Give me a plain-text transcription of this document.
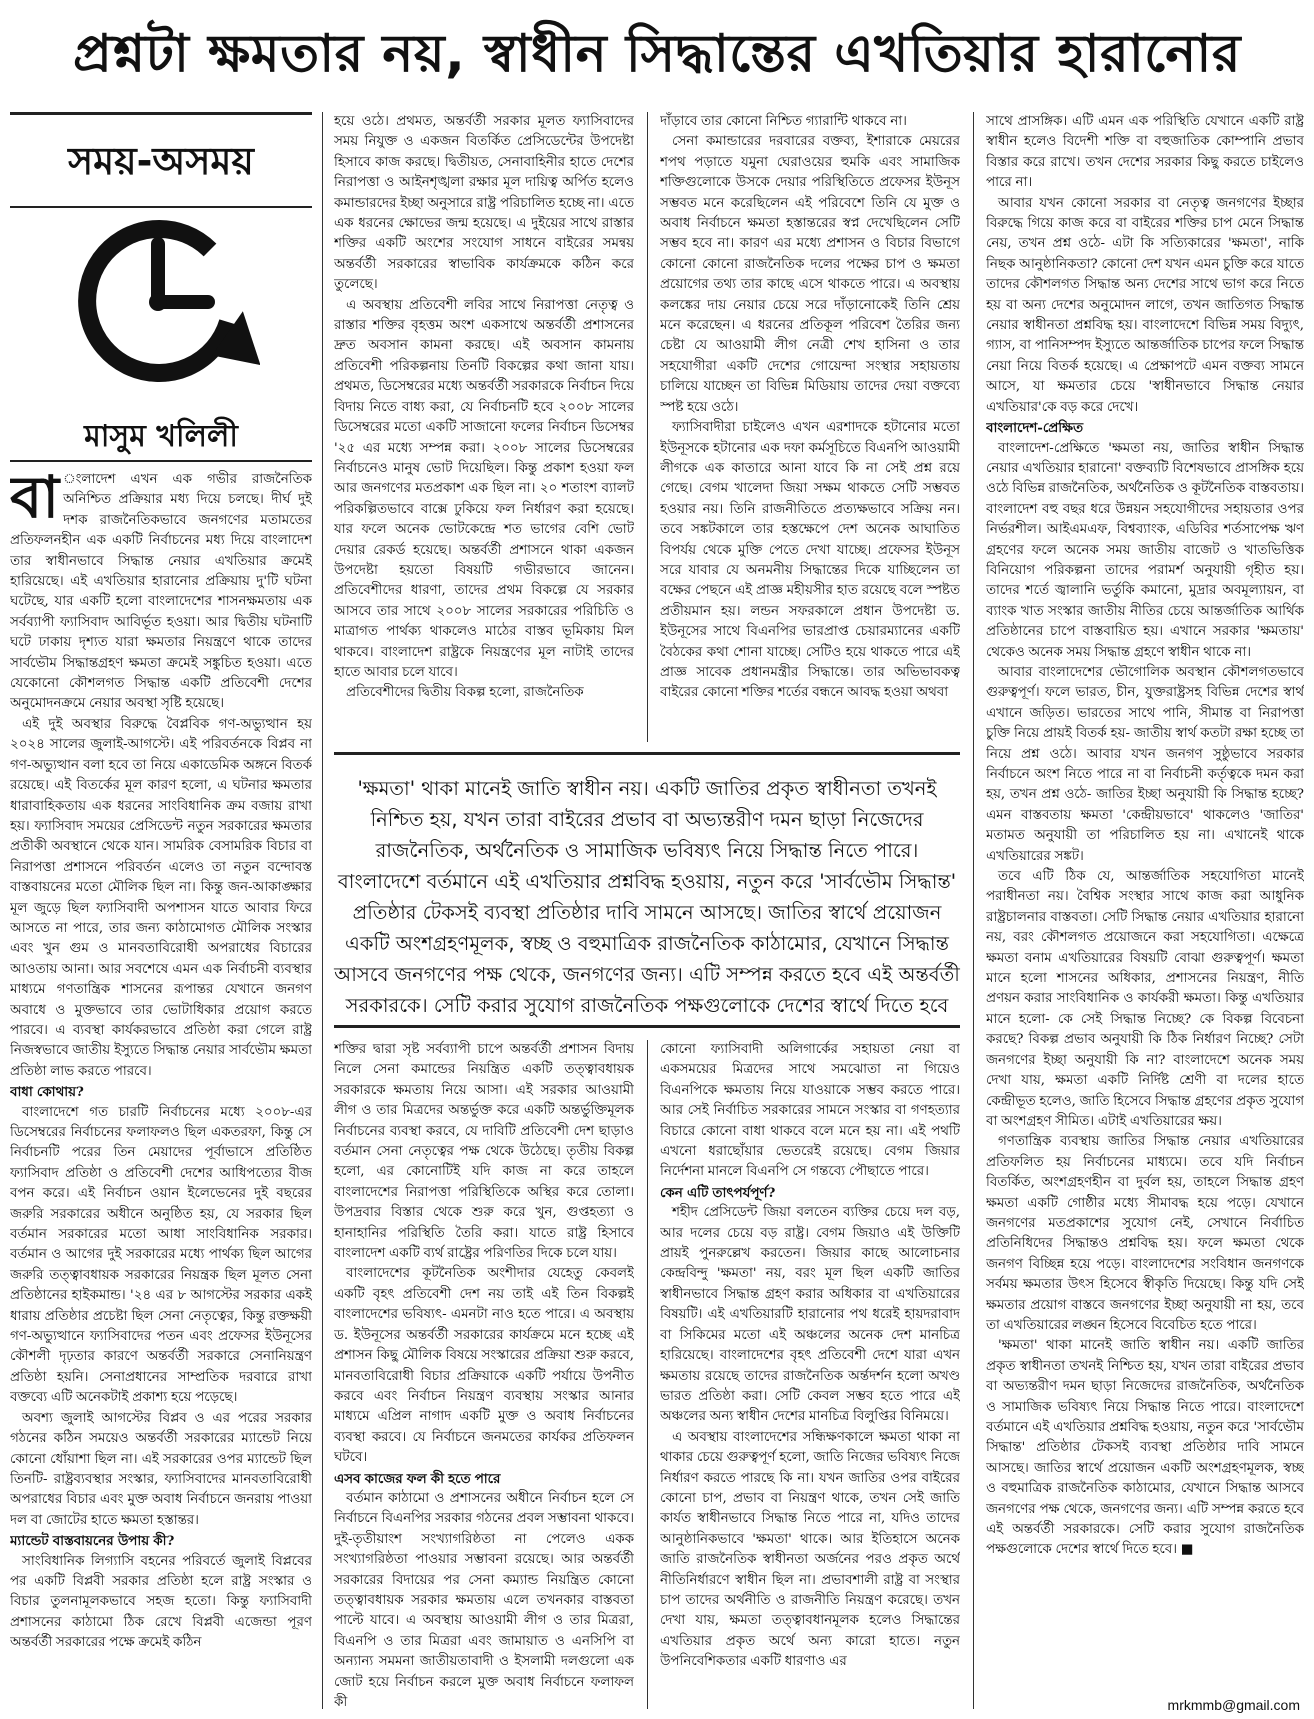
প্রশ্নটা ক্ষমতার নয়, স্বাধীন সিদ্ধান্তের এখতিয়ার হারানোর
সময়-অসময়
মাসুম খলিলী

বা ংলাদেশ এখন এক গভীর রাজনৈতিক অনিশ্চিত প্রক্রিয়ার মধ্য দিয়ে চলছে। দীর্ঘ দুই দশক রাজনৈতিকভাবে জনগণের মতামতের প্রতিফলনহীন এক একটি নির্বাচনের মধ্য দিয়ে বাংলাদেশ তার স্বাধীনভাবে সিদ্ধান্ত নেয়ার এখতিয়ার ক্রমেই হারিয়েছে। এই এখতিয়ার হারানোর প্রক্রিয়ায় দু'টি ঘটনা ঘটেছে, যার একটি হলো বাংলাদেশের শাসনক্ষমতায় এক সর্বব্যাপী ফ্যাসিবাদ আবির্ভূত হওয়া। আর দ্বিতীয় ঘটনাটি ঘটে ঢাকায় দৃশ্যত যারা ক্ষমতার নিয়ন্ত্রণে থাকে তাদের সার্বভৌম সিদ্ধান্তগ্রহণ ক্ষমতা ক্রমেই সঙ্কুচিত হওয়া। এতে যেকোনো কৌশলগত সিদ্ধান্ত একটি প্রতিবেশী দেশের অনুমোদনক্রমে নেয়ার অবস্থা সৃষ্টি হয়েছে।

এই দুই অবস্থার বিরুদ্ধে বৈপ্লবিক গণ-অভ্যুত্থান হয় ২০২৪ সালের জুলাই-আগস্টে। এই পরিবর্তনকে বিপ্লব না গণ-অভ্যুত্থান বলা হবে তা নিয়ে একাডেমিক অঙ্গনে বিতর্ক রয়েছে। এই বিতর্কের মূল কারণ হলো, এ ঘটনার ক্ষমতার ধারাবাহিকতায় এক ধরনের সাংবিধানিক ক্রম বজায় রাখা হয়। ফ্যাসিবাদ সময়ের প্রেসিডেন্ট নতুন সরকারের ক্ষমতার প্রতীকী অবস্থানে থেকে যান। সামরিক বেসামরিক বিচার বা নিরাপত্তা প্রশাসনে পরিবর্তন এলেও তা নতুন বন্দোবস্ত বাস্তবায়নের মতো মৌলিক ছিল না। কিন্তু জন-আকাঙ্ক্ষার মূল জুড়ে ছিল ফ্যাসিবাদী অপশাসন যাতে আবার ফিরে আসতে না পারে, তার জন্য কাঠামোগত মৌলিক সংস্কার এবং খুন গুম ও মানবতাবিরোধী অপরাধের বিচারের আওতায় আনা। আর সবশেষে এমন এক নির্বাচনী ব্যবস্থার মাধ্যমে গণতান্ত্রিক শাসনের রূপান্তর যেখানে জনগণ অবাধে ও মুক্তভাবে তার ভোটাধিকার প্রয়োগ করতে পারবে। এ ব্যবস্থা কার্যকরভাবে প্রতিষ্ঠা করা গেলে রাষ্ট্র নিজস্বভাবে জাতীয় ইস্যুতে সিদ্ধান্ত নেয়ার সার্বভৌম ক্ষমতা প্রতিষ্ঠা লাভ করতে পারবে।

বাধা কোথায়?

বাংলাদেশে গত চারটি নির্বাচনের মধ্যে ২০০৮-এর ডিসেম্বরের নির্বাচনের ফলাফলও ছিল একতরফা, কিন্তু সে নির্বাচনটি পরের তিন মেয়াদের পূর্বাভাসে প্রতিষ্ঠিত ফ্যাসিবাদ প্রতিষ্ঠা ও প্রতিবেশী দেশের আধিপত্যের বীজ বপন করে। এই নির্বাচন ওয়ান ইলেভেনের দুই বছরের জরুরি সরকারের অধীনে অনুষ্ঠিত হয়, যে সরকার ছিল বর্তমান সরকারের মতো আধা সাংবিধানিক সরকার। বর্তমান ও আগের দুই সরকারের মধ্যে পার্থক্য ছিল আগের জরুরি তত্ত্বাবধায়ক সরকারের নিয়ন্ত্রক ছিল মূলত সেনা প্রতিষ্ঠানের হাইকমান্ড। '২৪ এর ৮ আগস্টের সরকার একই ধারায় প্রতিষ্ঠার প্রচেষ্টা ছিল সেনা নেতৃত্বের, কিন্তু রক্তক্ষয়ী গণ-অভ্যুত্থানে ফ্যাসিবাদের পতন এবং প্রফেসর ইউনূসের কৌশলী দৃঢ়তার কারণে অন্তর্বর্তী সরকারে সেনানিয়ন্ত্রণ প্রতিষ্ঠা হয়নি। সেনাপ্রধানের সাম্প্রতিক দরবারে রাখা বক্তব্যে এটি অনেকটাই প্রকাশ্য হয়ে পড়েছে।

অবশ্য জুলাই আগস্টের বিপ্লব ও এর পরের সরকার গঠনের কঠিন সময়েও অন্তর্বর্তী সরকারের ম্যান্ডেট নিয়ে কোনো ধোঁয়াশা ছিল না। এই সরকারের ওপর ম্যান্ডেট ছিল তিনটি- রাষ্ট্রব্যবস্থার সংস্কার, ফ্যাসিবাদের মানবতাবিরোধী অপরাধের বিচার এবং মুক্ত অবাধ নির্বাচনে জনরায় পাওয়া দল বা জোটের হাতে ক্ষমতা হস্তান্তর।

ম্যান্ডেট বাস্তবায়নের উপায় কী?

সাংবিধানিক লিগ্যাসি বহনের পরিবর্তে জুলাই বিপ্লবের পর একটি বিপ্লবী সরকার প্রতিষ্ঠা হলে রাষ্ট্র সংস্কার ও বিচার তুলনামূলকভাবে সহজ হতো। কিন্তু ফ্যাসিবাদী প্রশাসনের কাঠামো ঠিক রেখে বিপ্লবী এজেন্ডা পূরণ অন্তর্বর্তী সরকারের পক্ষে ক্রমেই কঠিন

হয়ে ওঠে। প্রথমত, অন্তর্বর্তী সরকার মূলত ফ্যাসিবাদের সময় নিযুক্ত ও একজন বিতর্কিত প্রেসিডেন্টের উপদেষ্টা হিসাবে কাজ করছে। দ্বিতীয়ত, সেনাবাহিনীর হাতে দেশের নিরাপত্তা ও আইনশৃঙ্খলা রক্ষার মূল দায়িত্ব অর্পিত হলেও কমান্ডারদের ইচ্ছা অনুসারে রাষ্ট্র পরিচালিত হচ্ছে না। এতে এক ধরনের ক্ষোভের জন্ম হয়েছে। এ দুইয়ের সাথে রাস্তার শক্তির একটি অংশের সংযোগ সাধনে বাইরের সমন্বয় অন্তর্বর্তী সরকারের স্বাভাবিক কার্যক্রমকে কঠিন করে তুলেছে।

এ অবস্থায় প্রতিবেশী লবির সাথে নিরাপত্তা নেতৃত্ব ও রাস্তার শক্তির বৃহত্তম অংশ একসাথে অন্তর্বর্তী প্রশাসনের দ্রুত অবসান কামনা করছে। এই অবসান কামনায় প্রতিবেশী পরিকল্পনায় তিনটি বিকল্পের কথা জানা যায়। প্রথমত, ডিসেম্বরের মধ্যে অন্তর্বর্তী সরকারকে নির্বাচন দিয়ে বিদায় নিতে বাধ্য করা, যে নির্বাচনটি হবে ২০০৮ সালের ডিসেম্বরের মতো একটি সাজানো ফলের নির্বাচন ডিসেম্বর '২৫ এর মধ্যে সম্পন্ন করা। ২০০৮ সালের ডিসেম্বরের নির্বাচনেও মানুষ ভোট দিয়েছিল। কিন্তু প্রকাশ হওয়া ফল আর জনগণের মতপ্রকাশ এক ছিল না। ২০ শতাংশ ব্যালট পরিকল্পিতভাবে বাক্সে ঢুকিয়ে ফল নির্ধারণ করা হয়েছে। যার ফলে অনেক ভোটকেন্দ্রে শত ভাগের বেশি ভোট দেয়ার রেকর্ড হয়েছে। অন্তর্বর্তী প্রশাসনে থাকা একজন উপদেষ্টা হয়তো বিষয়টি গভীরভাবে জানেন। প্রতিবেশীদের ধারণা, তাদের প্রথম বিকল্পে যে সরকার আসবে তার সাথে ২০০৮ সালের সরকারের পরিচিতি ও মাত্রাগত পার্থক্য থাকলেও মাঠের বাস্তব ভূমিকায় মিল থাকবে। বাংলাদেশ রাষ্ট্রকে নিয়ন্ত্রণের মূল নাটাই তাদের হাতে আবার চলে যাবে।

প্রতিবেশীদের দ্বিতীয় বিকল্প হলো, রাজনৈতিক

দাঁড়াবে তার কোনো নিশ্চিত গ্যারান্টি থাকবে না।

সেনা কমান্ডারের দরবারের বক্তব্য, ইশারাকে মেয়রের শপথ পড়াতে যমুনা ঘেরাওয়ের হুমকি এবং সামাজিক শক্তিগুলোকে উসকে দেয়ার পরিস্থিতিতে প্রফেসর ইউনূস সম্ভবত মনে করেছিলেন এই পরিবেশে তিনি যে মুক্ত ও অবাধ নির্বাচনে ক্ষমতা হস্তান্তরের স্বপ্ন দেখেছিলেন সেটি সম্ভব হবে না। কারণ এর মধ্যে প্রশাসন ও বিচার বিভাগে কোনো কোনো রাজনৈতিক দলের পক্ষের চাপ ও ক্ষমতা প্রয়োগের তথ্য তার কাছে এসে থাকতে পারে। এ অবস্থায় কলঙ্কের দায় নেয়ার চেয়ে সরে দাঁড়ানোকেই তিনি শ্রেয় মনে করেছেন। এ ধরনের প্রতিকূল পরিবেশ তৈরির জন্য চেষ্টা যে আওয়ামী লীগ নেত্রী শেখ হাসিনা ও তার সহযোগীরা একটি দেশের গোয়েন্দা সংস্থার সহায়তায় চালিয়ে যাচ্ছেন তা বিভিন্ন মিডিয়ায় তাদের দেয়া বক্তব্যে স্পষ্ট হয়ে ওঠে।

ফ্যাসিবাদীরা চাইলেও এখন এরশাদকে হটানোর মতো ইউনূসকে হটানোর এক দফা কর্মসূচিতে বিএনপি আওয়ামী লীগকে এক কাতারে আনা যাবে কি না সেই প্রশ্ন রয়ে গেছে। বেগম খালেদা জিয়া সক্ষম থাকতে সেটি সম্ভবত হওয়ার নয়। তিনি রাজনীতিতে প্রত্যক্ষভাবে সক্রিয় নন। তবে সঙ্কটকালে তার হস্তক্ষেপে দেশ অনেক আঘাতিত বিপর্যয় থেকে মুক্তি পেতে দেখা যাচ্ছে। প্রফেসর ইউনূস সরে যাবার যে অনমনীয় সিদ্ধান্তের দিকে যাচ্ছিলেন তা বক্ষের পেছনে এই প্রাজ্ঞ মহীয়সীর হাত রয়েছে বলে স্পষ্টত প্রতীয়মান হয়। লন্ডন সফরকালে প্রধান উপদেষ্টা ড. ইউনূসের সাথে বিএনপির ভারপ্রাপ্ত চেয়ারম্যানের একটি বৈঠকের কথা শোনা যাচ্ছে। সেটিও হয়ে থাকতে পারে এই প্রাজ্ঞ সাবেক প্রধানমন্ত্রীর সিদ্ধান্তে। তার অভিভাবকত্ব বাইরের কোনো শক্তির শর্তের বন্ধনে আবদ্ধ হওয়া অথবা

'ক্ষমতা' থাকা মানেই জাতি স্বাধীন নয়। একটি জাতির প্রকৃত স্বাধীনতা তখনই নিশ্চিত হয়, যখন তারা বাইরের প্রভাব বা অভ্যন্তরীণ দমন ছাড়া নিজেদের রাজনৈতিক, অর্থনৈতিক ও সামাজিক ভবিষ্যৎ নিয়ে সিদ্ধান্ত নিতে পারে। বাংলাদেশে বর্তমানে এই এখতিয়ার প্রশ্নবিদ্ধ হওয়ায়, নতুন করে 'সার্বভৌম সিদ্ধান্ত' প্রতিষ্ঠার টেকসই ব্যবস্থা প্রতিষ্ঠার দাবি সামনে আসছে। জাতির স্বার্থে প্রয়োজন একটি অংশগ্রহণমূলক, স্বচ্ছ ও বহুমাত্রিক রাজনৈতিক কাঠামোর, যেখানে সিদ্ধান্ত আসবে জনগণের পক্ষ থেকে, জনগণের জন্য। এটি সম্পন্ন করতে হবে এই অন্তর্বর্তী সরকারকে। সেটি করার সুযোগ রাজনৈতিক পক্ষগুলোকে দেশের স্বার্থে দিতে হবে

শক্তির দ্বারা সৃষ্ট সর্বব্যাপী চাপে অন্তর্বর্তী প্রশাসন বিদায় নিলে সেনা কমান্ডের নিয়ন্ত্রিত একটি তত্ত্বাবধায়ক সরকারকে ক্ষমতায় নিয়ে আসা। এই সরকার আওয়ামী লীগ ও তার মিত্রদের অন্তর্ভুক্ত করে একটি অন্তর্ভুক্তিমূলক নির্বাচনের ব্যবস্থা করবে, যে দাবিটি প্রতিবেশী দেশ ছাড়াও বর্তমান সেনা নেতৃত্বের পক্ষ থেকে উঠেছে। তৃতীয় বিকল্প হলো, এর কোনোটিই যদি কাজ না করে তাহলে বাংলাদেশের নিরাপত্তা পরিস্থিতিকে অস্থির করে তোলা। উপদ্রবার বিস্তার থেকে শুরু করে খুন, গুপ্তহত্যা ও হানাহানির পরিস্থিতি তৈরি করা। যাতে রাষ্ট্র হিসাবে বাংলাদেশ একটি ব্যর্থ রাষ্ট্রের পরিণতির দিকে চলে যায়।

বাংলাদেশের কূটনৈতিক অংশীদার যেহেতু কেবলই একটি বৃহৎ প্রতিবেশী দেশ নয় তাই এই তিন বিকল্পই বাংলাদেশের ভবিষ্যৎ- এমনটা নাও হতে পারে। এ অবস্থায় ড. ইউনূসের অন্তর্বর্তী সরকারের কার্যক্রমে মনে হচ্ছে এই প্রশাসন কিছু মৌলিক বিষয়ে সংস্কারের প্রক্রিয়া শুরু করবে, মানবতাবিরোধী বিচার প্রক্রিয়াকে একটি পর্যায়ে উপনীত করবে এবং নির্বাচন নিয়ন্ত্রণ ব্যবস্থায় সংস্কার আনার মাধ্যমে এপ্রিল নাগাদ একটি মুক্ত ও অবাধ নির্বাচনের ব্যবস্থা করবে। যে নির্বাচনে জনমতের কার্যকর প্রতিফলন ঘটবে।

এসব কাজের ফল কী হতে পারে

বর্তমান কাঠামো ও প্রশাসনের অধীনে নির্বাচন হলে সে নির্বাচনে বিএনপির সরকার গঠনের প্রবল সম্ভাবনা থাকবে। দুই-তৃতীয়াংশ সংখ্যাগরিষ্ঠতা না পেলেও একক সংখ্যাগরিষ্ঠতা পাওয়ার সম্ভাবনা রয়েছে। আর অন্তর্বর্তী সরকারের বিদায়ের পর সেনা কম্যান্ড নিয়ন্ত্রিত কোনো তত্ত্বাবধায়ক সরকার ক্ষমতায় এলে তখনকার বাস্তবতা পাল্টে যাবে। এ অবস্থায় আওয়ামী লীগ ও তার মিত্ররা, বিএনপি ও তার মিত্ররা এবং জামায়াত ও এনসিপি বা অন্যান্য সমমনা জাতীয়তাবাদী ও ইসলামী দলগুলো এক জোট হয়ে নির্বাচন করলে মুক্ত অবাধ নির্বাচনে ফলাফল কী

কোনো ফ্যাসিবাদী অলিগার্কের সহায়তা নেয়া বা একসময়ের মিত্রদের সাথে সমঝোতা না গিয়েও বিএনপিকে ক্ষমতায় নিয়ে যাওয়াকে সম্ভব করতে পারে। আর সেই নির্বাচিত সরকারের সামনে সংস্কার বা গণহত্যার বিচারে কোনো বাধা থাকবে বলে মনে হয় না। এই পথটি এখনো ধরাছোঁয়ার ভেতরেই রয়েছে। বেগম জিয়ার নির্দেশনা মানলে বিএনপি সে গন্তব্যে পৌছাতে পারে।

কেন এটি তাৎপর্যপূর্ণ?

শহীদ প্রেসিডেন্ট জিয়া বলতেন ব্যক্তির চেয়ে দল বড়, আর দলের চেয়ে বড় রাষ্ট্র। বেগম জিয়াও এই উক্তিটি প্রায়ই পুনরুল্লেখ করতেন। জিয়ার কাছে আলোচনার কেন্দ্রবিন্দু 'ক্ষমতা' নয়, বরং মূল ছিল একটি জাতির স্বাধীনভাবে সিদ্ধান্ত গ্রহণ করার অধিকার বা এখতিয়ারের বিষয়টি। এই এখতিয়ারটি হারানোর পথ ধরেই হায়দরাবাদ বা সিকিমের মতো এই অঞ্চলের অনেক দেশ মানচিত্র হারিয়েছে। বাংলাদেশের বৃহৎ প্রতিবেশী দেশে যারা এখন ক্ষমতায় রয়েছে তাদের রাজনৈতিক অর্ন্তদর্শন হলো অখণ্ড ভারত প্রতিষ্ঠা করা। সেটি কেবল সম্ভব হতে পারে এই অঞ্চলের অন্য স্বাধীন দেশের মানচিত্র বিলুপ্তির বিনিময়ে।

এ অবস্থায় বাংলাদেশের সন্ধিক্ষণকালে ক্ষমতা থাকা না থাকার চেয়ে গুরুত্বপূর্ণ হলো, জাতি নিজের ভবিষ্যৎ নিজে নির্ধারণ করতে পারছে কি না। যখন জাতির ওপর বাইরের কোনো চাপ, প্রভাব বা নিয়ন্ত্রণ থাকে, তখন সেই জাতি কার্যত স্বাধীনভাবে সিদ্ধান্ত নিতে পারে না, যদিও তাদের আনুষ্ঠানিকভাবে 'ক্ষমতা' থাকে। আর ইতিহাসে অনেক জাতি রাজনৈতিক স্বাধীনতা অর্জনের পরও প্রকৃত অর্থে নীতিনির্ধারণে স্বাধীন ছিল না। প্রভাবশালী রাষ্ট্র বা সংস্থার চাপ তাদের অর্থনীতি ও রাজনীতি নিয়ন্ত্রণ করেছে। তখন দেখা যায়, ক্ষমতা তত্ত্বাবধানমূলক হলেও সিদ্ধান্তের এখতিয়ার প্রকৃত অর্থে অন্য কারো হাতে। নতুন উপনিবেশিকতার একটি ধারণাও এর

সাথে প্রাসঙ্গিক। এটি এমন এক পরিস্থিতি যেখানে একটি রাষ্ট্র স্বাধীন হলেও বিদেশী শক্তি বা বহুজাতিক কোম্পানি প্রভাব বিস্তার করে রাখে। তখন দেশের সরকার কিছু করতে চাইলেও পারে না।

আবার যখন কোনো সরকার বা নেতৃত্ব জনগণের ইচ্ছার বিরুদ্ধে গিয়ে কাজ করে বা বাইরের শক্তির চাপ মেনে সিদ্ধান্ত নেয়, তখন প্রশ্ন ওঠে- এটা কি সত্যিকারের 'ক্ষমতা', নাকি নিছক আনুষ্ঠানিকতা? কোনো দেশ যখন এমন চুক্তি করে যাতে তাদের কৌশলগত সিদ্ধান্ত অন্য দেশের সাথে ভাগ করে নিতে হয় বা অন্য দেশের অনুমোদন লাগে, তখন জাতিগত সিদ্ধান্ত নেয়ার স্বাধীনতা প্রশ্নবিদ্ধ হয়। বাংলাদেশে বিভিন্ন সময় বিদ্যুৎ, গ্যাস, বা পানিসম্পদ ইস্যুতে আন্তর্জাতিক চাপের ফলে সিদ্ধান্ত নেয়া নিয়ে বিতর্ক হয়েছে। এ প্রেক্ষাপটে এমন বক্তব্য সামনে আসে, যা ক্ষমতার চেয়ে 'স্বাধীনভাবে সিদ্ধান্ত নেয়ার এখতিয়ার'কে বড় করে দেখে।

বাংলাদেশ-প্রেক্ষিত

বাংলাদেশ-প্রেক্ষিতে 'ক্ষমতা নয়, জাতির স্বাধীন সিদ্ধান্ত নেয়ার এখতিয়ার হারানো' বক্তব্যটি বিশেষভাবে প্রাসঙ্গিক হয়ে ওঠে বিভিন্ন রাজনৈতিক, অর্থনৈতিক ও কূটনৈতিক বাস্তবতায়। বাংলাদেশ বহু বছর ধরে উন্নয়ন সহযোগীদের সহায়তার ওপর নির্ভরশীল। আইএমএফ, বিশ্বব্যাংক, এডিবির শর্তসাপেক্ষ ঋণ গ্রহণের ফলে অনেক সময় জাতীয় বাজেট ও খাতভিত্তিক বিনিয়োগ পরিকল্পনা তাদের পরামর্শ অনুযায়ী গৃহীত হয়। তাদের শর্তে জ্বালানি ভর্তুকি কমানো, মুদ্রার অবমূল্যায়ন, বা ব্যাংক খাত সংস্কার জাতীয় নীতির চেয়ে আন্তর্জাতিক আর্থিক প্রতিষ্ঠানের চাপে বাস্তবায়িত হয়। এখানে সরকার 'ক্ষমতায়' থেকেও অনেক সময় সিদ্ধান্ত গ্রহণে স্বাধীন থাকে না।

আবার বাংলাদেশের ভৌগোলিক অবস্থান কৌশলগতভাবে গুরুত্বপূর্ণ। ফলে ভারত, চীন, যুক্তরাষ্ট্রসহ বিভিন্ন দেশের স্বার্থ এখানে জড়িত। ভারতের সাথে পানি, সীমান্ত বা নিরাপত্তা চুক্তি নিয়ে প্রায়ই বিতর্ক হয়- জাতীয় স্বার্থ কতটা রক্ষা হচ্ছে তা নিয়ে প্রশ্ন ওঠে। আবার যখন জনগণ সুষ্ঠুভাবে সরকার নির্বাচনে অংশ নিতে পারে না বা নির্বাচনী কর্তৃত্বকে দমন করা হয়, তখন প্রশ্ন ওঠে- জাতির ইচ্ছা অনুযায়ী কি সিদ্ধান্ত হচ্ছে? এমন বাস্তবতায় ক্ষমতা 'কেন্দ্রীয়ভাবে' থাকলেও 'জাতির' মতামত অনুযায়ী তা পরিচালিত হয় না। এখানেই থাকে এখতিয়ারের সঙ্কট।

তবে এটি ঠিক যে, আন্তর্জাতিক সহযোগিতা মানেই পরাধীনতা নয়। বৈশ্বিক সংস্থার সাথে কাজ করা আধুনিক রাষ্ট্রচালনার বাস্তবতা। সেটি সিদ্ধান্ত নেয়ার এখতিয়ার হারানো নয়, বরং কৌশলগত প্রয়োজনে করা সহযোগিতা। এক্ষেত্রে ক্ষমতা বনাম এখতিয়ারের বিষয়টি বোঝা গুরুত্বপূর্ণ। ক্ষমতা মানে হলো শাসনের অধিকার, প্রশাসনের নিয়ন্ত্রণ, নীতি প্রণয়ন করার সাংবিধানিক ও কার্যকরী ক্ষমতা। কিন্তু এখতিয়ার মানে হলো- কে সেই সিদ্ধান্ত নিচ্ছে? কে বিকল্প বিবেচনা করছে? বিকল্প প্রভাব অনুযায়ী কি ঠিক নির্ধারণ নিচ্ছে? সেটা জনগণের ইচ্ছা অনুযায়ী কি না? বাংলাদেশে অনেক সময় দেখা যায়, ক্ষমতা একটি নির্দিষ্ট শ্রেণী বা দলের হাতে কেন্দ্রীভূত হলেও, জাতি হিসেবে সিদ্ধান্ত গ্রহণের প্রকৃত সুযোগ বা অংশগ্রহণ সীমিত। এটাই এখতিয়ারের ক্ষয়।

গণতান্ত্রিক ব্যবস্থায় জাতির সিদ্ধান্ত নেয়ার এখতিয়ারের প্রতিফলিত হয় নির্বাচনের মাধ্যমে। তবে যদি নির্বাচন বিতর্কিত, অংশগ্রহণহীন বা দুর্বল হয়, তাহলে সিদ্ধান্ত গ্রহণ ক্ষমতা একটি গোষ্ঠীর মধ্যে সীমাবদ্ধ হয়ে পড়ে। যেখানে জনগণের মতপ্রকাশের সুযোগ নেই, সেখানে নির্বাচিত প্রতিনিধিদের সিদ্ধান্তও প্রশ্নবিদ্ধ হয়। ফলে ক্ষমতা থেকে জনগণ বিচ্ছিন্ন হয়ে পড়ে। বাংলাদেশের সংবিধান জনগণকে সর্বময় ক্ষমতার উৎস হিসেবে স্বীকৃতি দিয়েছে। কিন্তু যদি সেই ক্ষমতার প্রয়োগ বাস্তবে জনগণের ইচ্ছা অনুযায়ী না হয়, তবে তা এখতিয়ারের লঙ্ঘন হিসেবে বিবেচিত হতে পারে।

'ক্ষমতা' থাকা মানেই জাতি স্বাধীন নয়। একটি জাতির প্রকৃত স্বাধীনতা তখনই নিশ্চিত হয়, যখন তারা বাইরের প্রভাব বা অভ্যন্তরীণ দমন ছাড়া নিজেদের রাজনৈতিক, অর্থনৈতিক ও সামাজিক ভবিষ্যৎ নিয়ে সিদ্ধান্ত নিতে পারে। বাংলাদেশে বর্তমানে এই এখতিয়ার প্রশ্নবিদ্ধ হওয়ায়, নতুন করে 'সার্বভৌম সিদ্ধান্ত' প্রতিষ্ঠার টেকসই ব্যবস্থা প্রতিষ্ঠার দাবি সামনে আসছে। জাতির স্বার্থে প্রয়োজন একটি অংশগ্রহণমূলক, স্বচ্ছ ও বহুমাত্রিক রাজনৈতিক কাঠামোর, যেখানে সিদ্ধান্ত আসবে জনগণের পক্ষ থেকে, জনগণের জন্য। এটি সম্পন্ন করতে হবে এই অন্তর্বর্তী সরকারকে। সেটি করার সুযোগ রাজনৈতিক পক্ষগুলোকে দেশের স্বার্থে দিতে হবে। ■

mrkmmb@gmail.com
